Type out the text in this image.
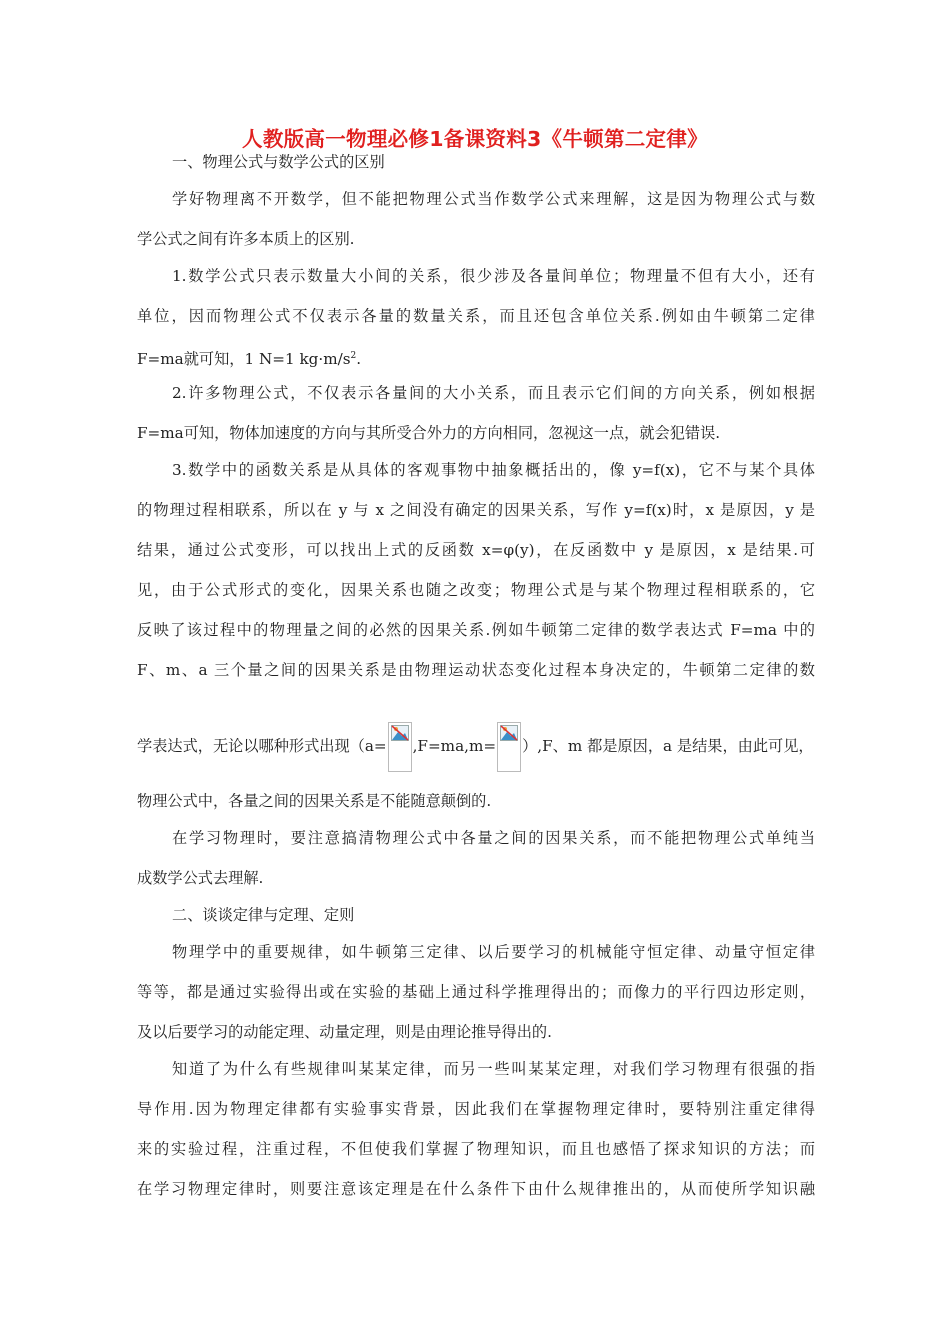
人教版高一物理必修1备课资料3《牛顿第二定律》
一、物理公式与数学公式的区别
学好物理离不开数学，但不能把物理公式当作数学公式来理解，这是因为物理公式与数
学公式之间有许多本质上的区别.
1.数学公式只表示数量大小间的关系，很少涉及各量间单位；物理量不但有大小，还有
单位，因而物理公式不仅表示各量的数量关系，而且还包含单位关系.例如由牛顿第二定律
F=ma就可知，1 N=1 $kg\cdot m/s^2$.
2.许多物理公式，不仅表示各量间的大小关系，而且表示它们间的方向关系，例如根据
F=ma可知，物体加速度的方向与其所受合外力的方向相同，忽视这一点，就会犯错误.
3.数学中的函数关系是从具体的客观事物中抽象概括出的，像 y=f(x)，它不与某个具体
的物理过程相联系，所以在 y 与 x 之间没有确定的因果关系，写作 y=f(x)时，x 是原因，y 是
结果，通过公式变形，可以找出上式的反函数 x=φ(y)，在反函数中 y 是原因，x 是结果.可
见，由于公式形式的变化，因果关系也随之改变；物理公式是与某个物理过程相联系的，它
反映了该过程中的物理量之间的必然的因果关系.例如牛顿第二定律的数学表达式 F=ma 中的
F、m、a 三个量之间的因果关系是由物理运动状态变化过程本身决定的，牛顿第二定律的数
学表达式，无论以哪种形式出现（a= ,F=ma,m= ）,F、m 都是原因，a 是结果，由此可见，
物理公式中，各量之间的因果关系是不能随意颠倒的.
在学习物理时，要注意搞清物理公式中各量之间的因果关系，而不能把物理公式单纯当
成数学公式去理解.
二、谈谈定律与定理、定则
物理学中的重要规律，如牛顿第三定律、以后要学习的机械能守恒定律、动量守恒定律
等等，都是通过实验得出或在实验的基础上通过科学推理得出的；而像力的平行四边形定则，
及以后要学习的动能定理、动量定理，则是由理论推导得出的.
知道了为什么有些规律叫某某定律，而另一些叫某某定理，对我们学习物理有很强的指
导作用.因为物理定律都有实验事实背景，因此我们在掌握物理定律时，要特别注重定律得
来的实验过程，注重过程，不但使我们掌握了物理知识，而且也感悟了探求知识的方法；而
在学习物理定律时，则要注意该定理是在什么条件下由什么规律推出的，从而使所学知识融
